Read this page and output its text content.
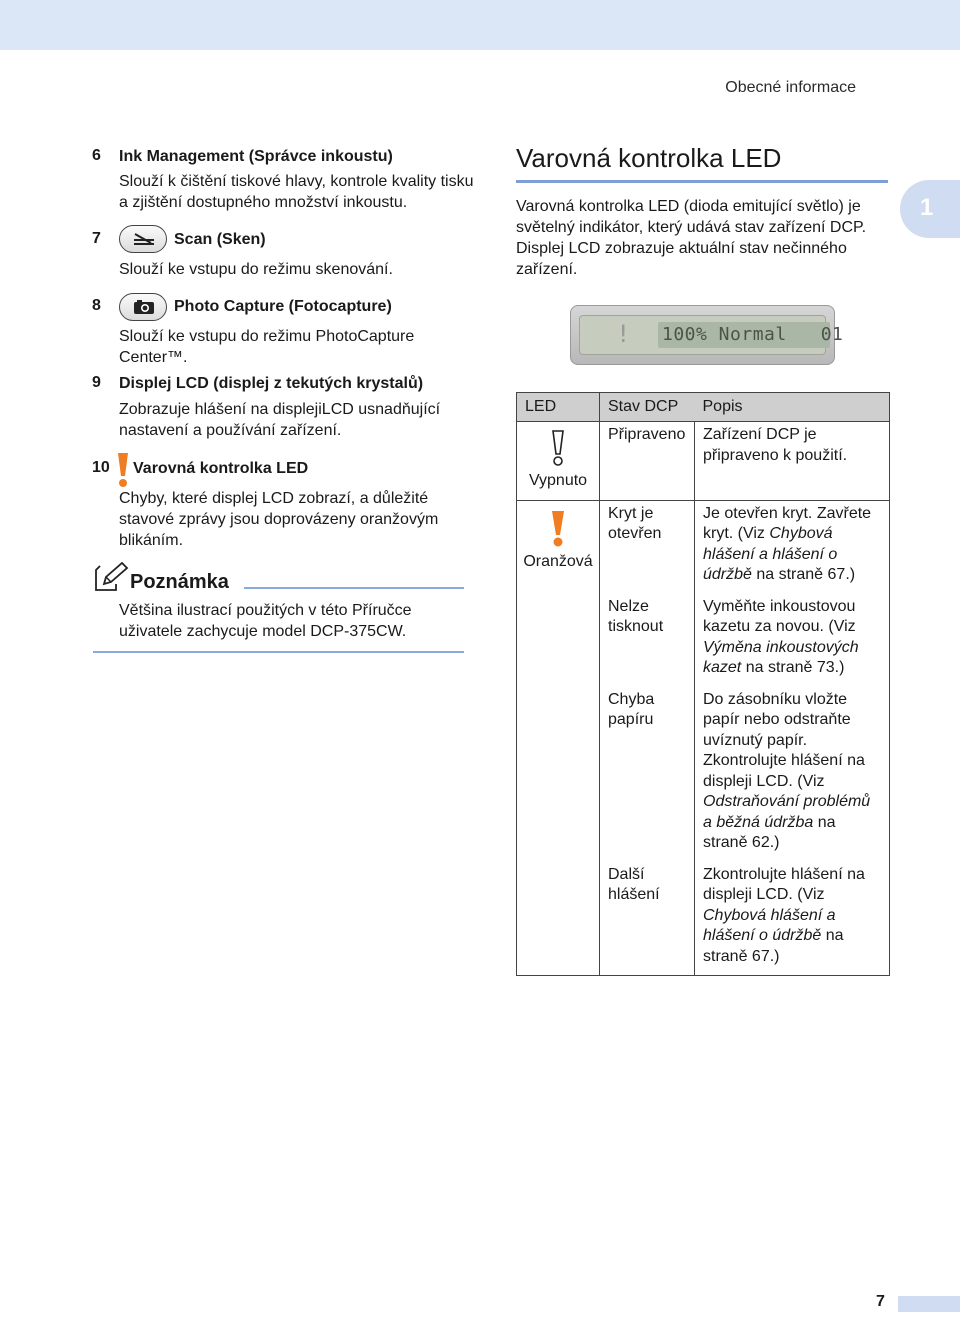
Obecné informace
1
6 Ink Management (Správce inkoustu)
Slouží k čištění tiskové hlavy, kontrole kvality tisku a zjištění dostupného množství inkoustu.
7	Scan (Sken)
Slouží ke vstupu do režimu skenování.
8	Photo Capture (Fotocapture)
Slouží ke vstupu do režimu PhotoCapture Center™.
9 Displej LCD (displej z tekutých krystalů)
Zobrazuje hlášení na displejiLCD usnadňující nastavení a používání zařízení.
10 Varovná kontrolka LED
Chyby, které displej LCD zobrazí, a důležité stavové zprávy jsou doprovázeny oranžovým blikáním.
Poznámka
Většina ilustrací použitých v této Příručce uživatele zachycuje model DCP-375CW.
Varovná kontrolka LED
Varovná kontrolka LED (dioda emitující světlo) je světelný indikátor, který udává stav zařízení DCP. Displej LCD zobrazuje aktuální stav nečinného zařízení.
! 100% Normal   01
LED	Stav DCP	Popis

Vypnuto	Připraveno	Zařízení DCP je připraveno k použití.

Oranžová	Kryt je otevřen	Je otevřen kryt. Zavřete kryt. (Viz Chybová hlášení a hlášení o údržbě na straně 67.)
	Nelze tisknout	Vyměňte inkoustovou kazetu za novou. (Viz Výměna inkoustových kazet na straně 73.)
	Chyba papíru	Do zásobníku vložte papír nebo odstraňte uvíznutý papír. Zkontrolujte hlášení na displeji LCD. (Viz Odstraňování problémů a běžná údržba na straně 62.)
	Další hlášení	Zkontrolujte hlášení na displeji LCD. (Viz Chybová hlášení a hlášení o údržbě na straně 67.)
7
